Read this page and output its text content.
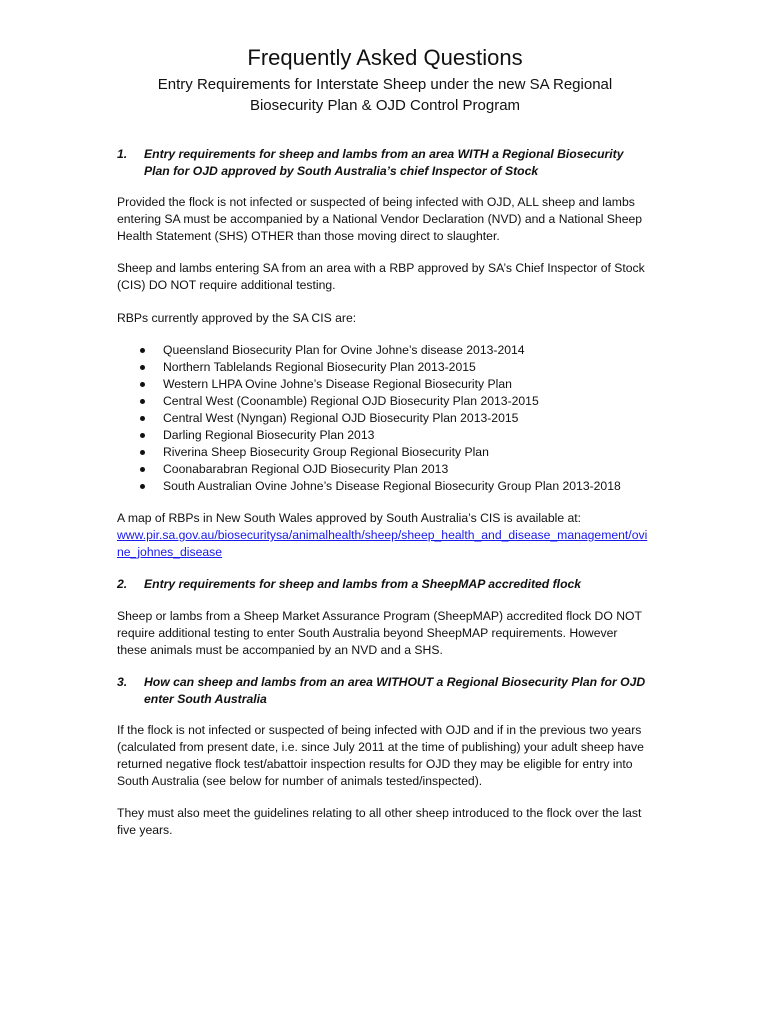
Frequently Asked Questions
Entry Requirements for Interstate Sheep under the new SA Regional Biosecurity Plan & OJD Control Program
1. Entry requirements for sheep and lambs from an area WITH a Regional Biosecurity Plan for OJD approved by South Australia’s chief Inspector of Stock
Provided the flock is not infected or suspected of being infected with OJD, ALL sheep and lambs entering SA must be accompanied by a National Vendor Declaration (NVD) and a National Sheep Health Statement (SHS) OTHER than those moving direct to slaughter.
Sheep and lambs entering SA from an area with a RBP approved by SA’s Chief Inspector of Stock (CIS) DO NOT require additional testing.
RBPs currently approved by the SA CIS are:
Queensland Biosecurity Plan for Ovine Johne’s disease 2013-2014
Northern Tablelands Regional Biosecurity Plan 2013-2015
Western LHPA Ovine Johne’s Disease Regional Biosecurity Plan
Central West (Coonamble) Regional OJD Biosecurity Plan 2013-2015
Central West (Nyngan) Regional OJD Biosecurity Plan 2013-2015
Darling Regional Biosecurity Plan 2013
Riverina Sheep Biosecurity Group Regional Biosecurity Plan
Coonabarabran Regional OJD Biosecurity Plan 2013
South Australian Ovine Johne’s Disease Regional Biosecurity Group Plan 2013-2018
A map of RBPs in New South Wales approved by South Australia’s CIS is available at:
www.pir.sa.gov.au/biosecuritysa/animalhealth/sheep/sheep_health_and_disease_management/ovine_johnes_disease
2. Entry requirements for sheep and lambs from a SheepMAP accredited flock
Sheep or lambs from a Sheep Market Assurance Program (SheepMAP) accredited flock DO NOT require additional testing to enter South Australia beyond SheepMAP requirements. However these animals must be accompanied by an NVD and a SHS.
3. How can sheep and lambs from an area WITHOUT a Regional Biosecurity Plan for OJD enter South Australia
If the flock is not infected or suspected of being infected with OJD and if in the previous two years (calculated from present date, i.e. since July 2011 at the time of publishing) your adult sheep have returned negative flock test/abattoir inspection results for OJD they may be eligible for entry into South Australia (see below for number of animals tested/inspected).
They must also meet the guidelines relating to all other sheep introduced to the flock over the last five years.
